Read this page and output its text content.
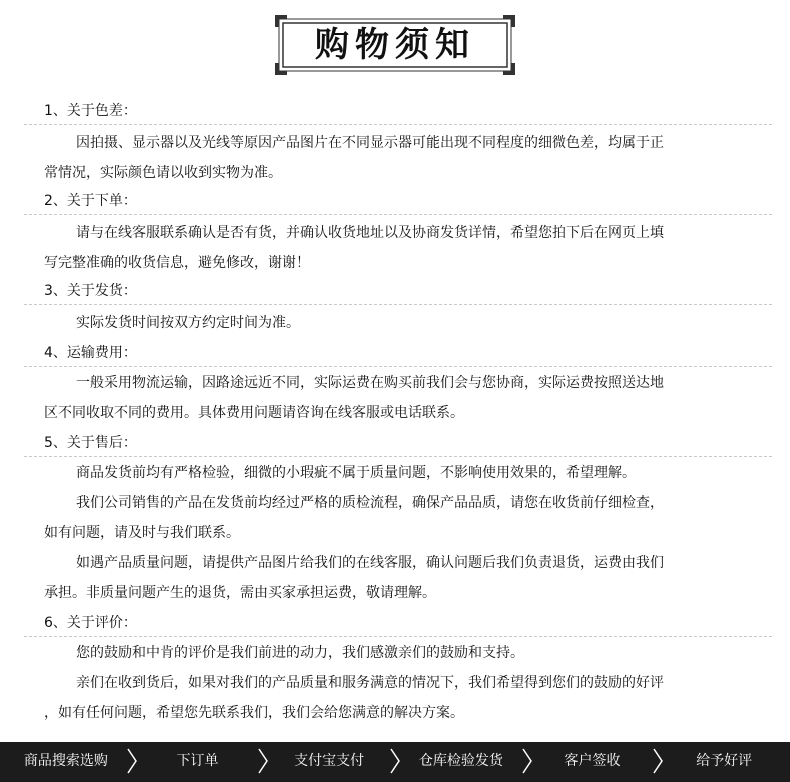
购物须知
1、关于色差：
因拍摄、显示器以及光线等原因产品图片在不同显示器可能出现不同程度的细微色差，均属于正
常情况，实际颜色请以收到实物为准。
2、关于下单：
请与在线客服联系确认是否有货，并确认收货地址以及协商发货详情，希望您拍下后在网页上填
写完整准确的收货信息，避免修改，谢谢！
3、关于发货：
实际发货时间按双方约定时间为准。
4、运输费用：
一般采用物流运输，因路途远近不同，实际运费在购买前我们会与您协商，实际运费按照送达地
区不同收取不同的费用。具体费用问题请咨询在线客服或电话联系。
5、关于售后：
商品发货前均有严格检验，细微的小瑕疵不属于质量问题，不影响使用效果的，希望理解。
我们公司销售的产品在发货前均经过严格的质检流程，确保产品品质，请您在收货前仔细检查，
如有问题，请及时与我们联系。
如遇产品质量问题，请提供产品图片给我们的在线客服，确认问题后我们负责退货，运费由我们
承担。非质量问题产生的退货，需由买家承担运费，敬请理解。
6、关于评价：
您的鼓励和中肯的评价是我们前进的动力，我们感激亲们的鼓励和支持。
亲们在收到货后，如果对我们的产品质量和服务满意的情况下，我们希望得到您们的鼓励的好评
，如有任何问题，希望您先联系我们，我们会给您满意的解决方案。
商品搜索选购	下订单	支付宝支付	仓库检验发货	客户签收	给予好评
